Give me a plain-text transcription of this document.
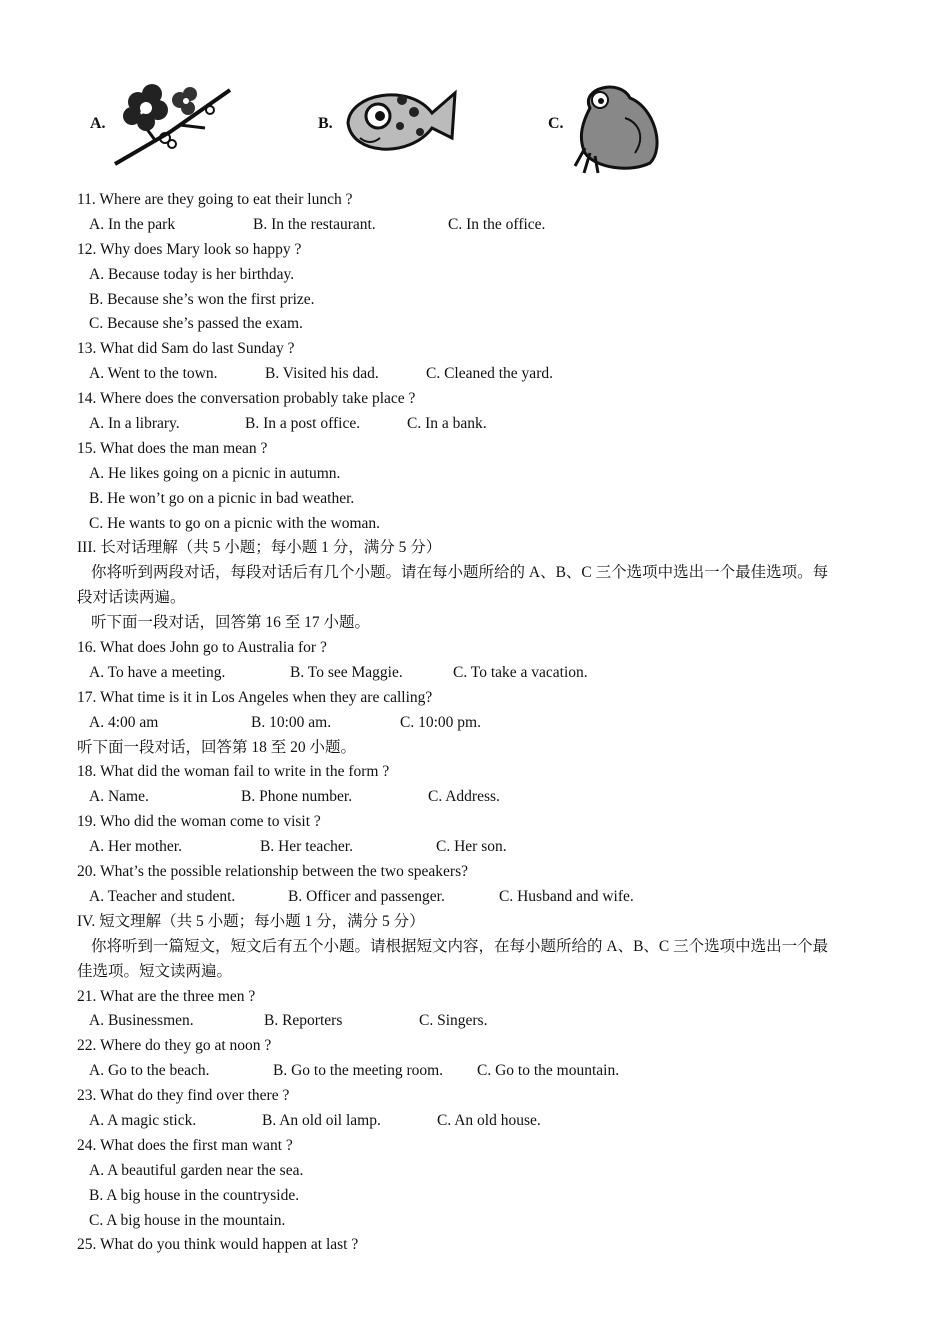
A.	B.	C.
11. Where are they going to eat their lunch ?
A. In the park	B. In the restaurant.	C. In the office.
12. Why does Mary look so happy ?
A. Because today is her birthday.
B. Because she’s won the first prize.
C. Because she’s passed the exam.
13. What did Sam do last Sunday ?
A. Went to the town.	B. Visited his dad.	C. Cleaned the yard.
14. Where does the conversation probably take place ?
A. In a library.	B. In a post office.	C. In a bank.
15. What does the man mean ?
A. He likes going on a picnic in autumn.
B. He won’t go on a picnic in bad weather.
C. He wants to go on a picnic with the woman.
III. 长对话理解（共 5 小题；每小题 1 分，满分 5 分）
你将听到两段对话，每段对话后有几个小题。请在每小题所给的 A、B、C 三个选项中选出一个最佳选项。每
段对话读两遍。
听下面一段对话，回答第 16 至 17 小题。
16. What does John go to Australia for ?
A. To have a meeting.	B. To see Maggie.	C. To take a vacation.
17. What time is it in Los Angeles when they are calling?
A. 4:00 am	B. 10:00 am.	C. 10:00 pm.
听下面一段对话，回答第 18 至 20 小题。
18. What did the woman fail to write in the form ?
A. Name.	B. Phone number.	C. Address.
19. Who did the woman come to visit ?
A. Her mother.	B. Her teacher.	C. Her son.
20. What’s the possible relationship between the two speakers?
A. Teacher and student.	B. Officer and passenger.	C. Husband and wife.
IV. 短文理解（共 5 小题；每小题 1 分，满分 5 分）
你将听到一篇短文，短文后有五个小题。请根据短文内容，在每小题所给的 A、B、C 三个选项中选出一个最
佳选项。短文读两遍。
21. What are the three men ?
A. Businessmen.	B. Reporters	C. Singers.
22. Where do they go at noon ?
A. Go to the beach.	B. Go to the meeting room. C. Go to the mountain.
23. What do they find over there ?
A. A magic stick.	B. An old oil lamp.	C. An old house.
24. What does the first man want ?
A. A beautiful garden near the sea.
B. A big house in the countryside.
C. A big house in the mountain.
25. What do you think would happen at last ?
